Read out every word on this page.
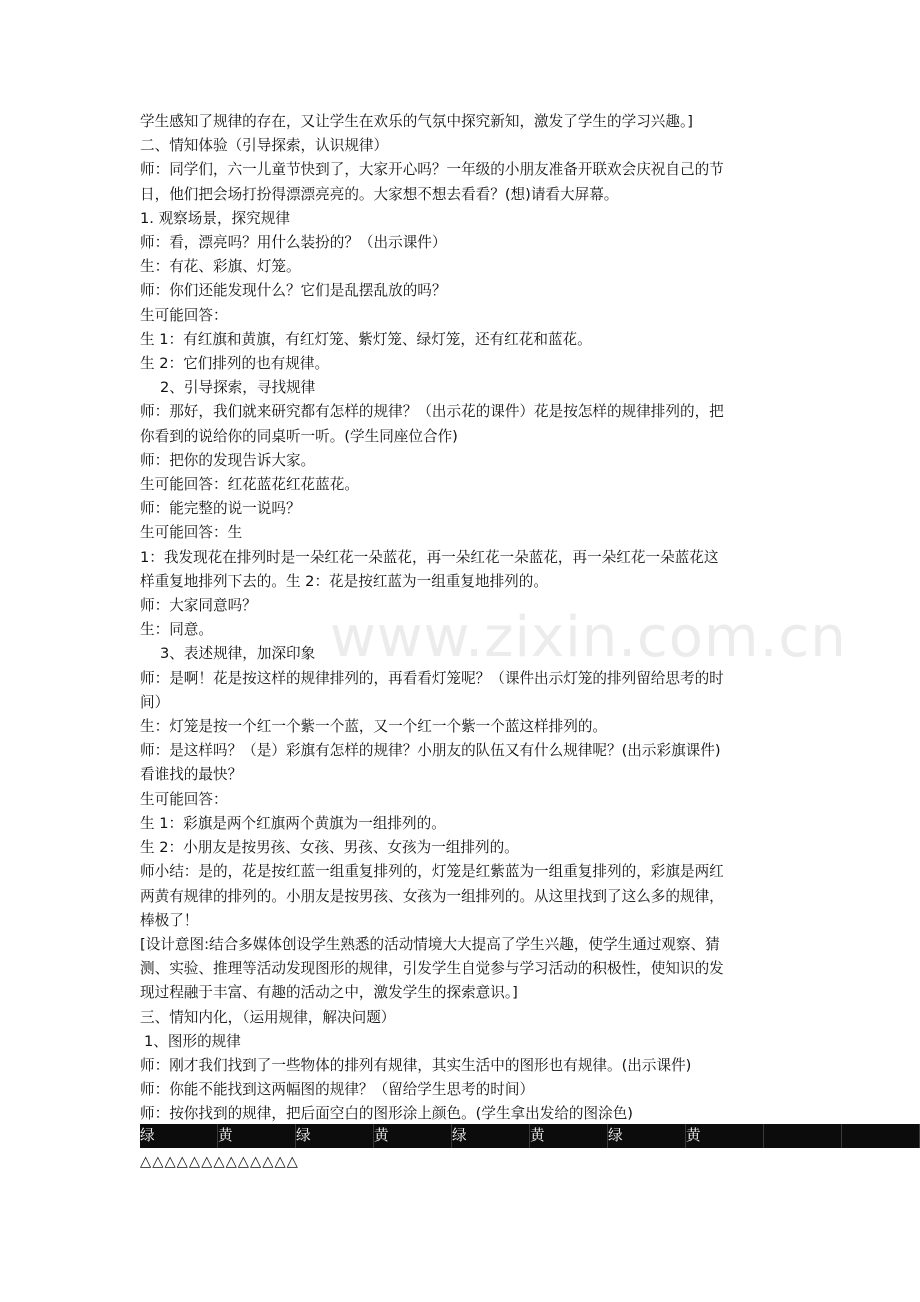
www.zixin.com.cn
学生感知了规律的存在，又让学生在欢乐的气氛中探究新知，激发了学生的学习兴趣。]
二、情知体验（引导探索，认识规律）
师：同学们，六一儿童节快到了，大家开心吗？一年级的小朋友准备开联欢会庆祝自己的节
日，他们把会场打扮得漂漂亮亮的。大家想不想去看看？(想)请看大屏幕。
1. 观察场景，探究规律
师：看，漂亮吗？用什么装扮的？（出示课件）
生：有花、彩旗、灯笼。
师：你们还能发现什么？它们是乱摆乱放的吗？
生可能回答：
生 1：有红旗和黄旗，有红灯笼、紫灯笼、绿灯笼，还有红花和蓝花。
生 2：它们排列的也有规律。
2、引导探索，寻找规律
师：那好，我们就来研究都有怎样的规律？（出示花的课件）花是按怎样的规律排列的，把
你看到的说给你的同桌听一听。(学生同座位合作)
师：把你的发现告诉大家。
生可能回答：红花蓝花红花蓝花。
师：能完整的说一说吗？
生可能回答：生
1：我发现花在排列时是一朵红花一朵蓝花，再一朵红花一朵蓝花，再一朵红花一朵蓝花这
样重复地排列下去的。生 2：花是按红蓝为一组重复地排列的。
师：大家同意吗？
生：同意。
3、表述规律，加深印象
师：是啊！花是按这样的规律排列的，再看看灯笼呢？（课件出示灯笼的排列留给思考的时
间）
生：灯笼是按一个红一个紫一个蓝，又一个红一个紫一个蓝这样排列的。
师：是这样吗？（是）彩旗有怎样的规律？小朋友的队伍又有什么规律呢？(出示彩旗课件)
看谁找的最快？
生可能回答：
生 1：彩旗是两个红旗两个黄旗为一组排列的。
生 2：小朋友是按男孩、女孩、男孩、女孩为一组排列的。
师小结：是的，花是按红蓝一组重复排列的，灯笼是红紫蓝为一组重复排列的，彩旗是两红
两黄有规律的排列的。小朋友是按男孩、女孩为一组排列的。从这里找到了这么多的规律，
棒极了！
[设计意图:结合多媒体创设学生熟悉的活动情境大大提高了学生兴趣，使学生通过观察、猜
测、实验、推理等活动发现图形的规律，引发学生自觉参与学习活动的积极性，使知识的发
现过程融于丰富、有趣的活动之中，激发学生的探索意识。]
三、情知内化，（运用规律，解决问题）
1、图形的规律
师：刚才我们找到了一些物体的排列有规律，其实生活中的图形也有规律。(出示课件)
师：你能不能找到这两幅图的规律？（留给学生思考的时间）
师：按你找到的规律，把后面空白的图形涂上颜色。(学生拿出发给的图涂色)
绿	黄	绿	黄	绿	黄	绿	黄
△△△△△△△△△△△△△
